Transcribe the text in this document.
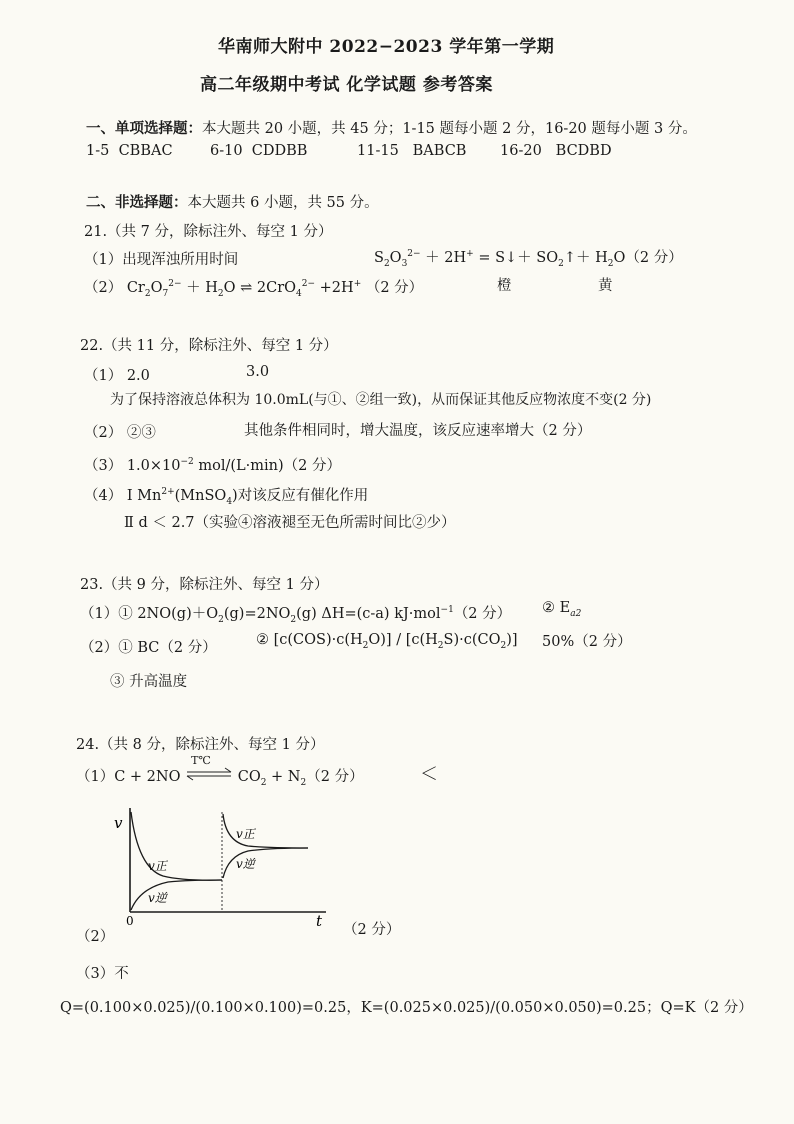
华南师大附中 2022−2023 学年第一学期
高二年级期中考试 化学试题 参考答案
一、单项选择题：本大题共 20 小题，共 45 分；1-15 题每小题 2 分，16-20 题每小题 3 分。
1-5 CBBAC	6-10 CDDBB	11-15 BABCB 16-20 BCDBD
二、非选择题：本大题共 6 小题，共 55 分。
21.（共 7 分，除标注外、每空 1 分）
（1）出现浑浊所用时间	$S_2O_3^{2-} + 2H^+$ = S↓＋ $SO_2↑+ H_2O(2$ 分）
（2） $Cr_2O_7^{2-} + H_2O$ ⇌ 2CrO$_4^{2-}$ +2H+ （2 分）	橙	黄
22.（共 11 分，除标注外、每空 1 分）
（1） 2.0	3.0
为了保持溶液总体积为 10.0mL(与①、②组一致)，从而保证其他反应物浓度不变(2 分)
（2） ②③	其他条件相同时，增大温度，该反应速率增大（2 分）
（3） $1.0\times 10^{-2}$ mol/(L·min)（2 分）
（4） Ⅰ $Mn^{2+}(MnSO_4)$对该反应有催化作用
Ⅱ d ＜ 2.7（实验④溶液褪至无色所需时间比②少）
23.（共 9 分，除标注外、每空 1 分）
（1）① $2NO(g)+O_2(g)=2NO_2(g)$ ΔH=(c-a) kJ·mol$^{-1}$（2 分） ② $E_{a2}$
（2）① BC（2 分）	② $[c(COS)\cdot c(H_2O)] / [c(H_2S)\cdot c(CO_2)]$ 50%（2 分）
③ 升高温度
24.（共 8 分，除标注外、每空 1 分）
（1）C + 2NO
T℃
$CO_2 + N_2(2$ 分）	＜
v
t
0
v正
v逆
v正
v逆
（2）	（2 分）
（3）不
Q=(0.100×0.025)/(0.100×0.100)=0.25，K=(0.025×0.025)/(0.050×0.050)=0.25；Q=K（2 分）
